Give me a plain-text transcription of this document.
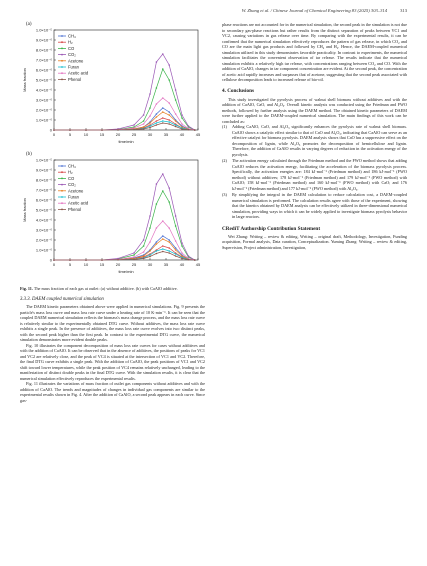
W. Zhang et al. / Chinese Journal of Chemical Engineering 83 (2025) 303–314	313
(a)
0
1.0×10⁻⁶
2.0×10⁻⁶
3.0×10⁻⁶
4.0×10⁻⁶
5.0×10⁻⁶
6.0×10⁻⁶
7.0×10⁻⁶
8.0×10⁻⁶
9.0×10⁻⁶
1.0×10⁻⁵
0	5	10	15	20	25	30	35	40	45
time/min
Mass fraction
CH₄
H₂
CO
CO₂
Acetone
Furan
Acetic acid
Phenol
(b)
0
1.0×10⁻⁶
2.0×10⁻⁶
3.0×10⁻⁶
4.0×10⁻⁶
5.0×10⁻⁶
6.0×10⁻⁶
7.0×10⁻⁶
8.0×10⁻⁶
9.0×10⁻⁶
1.0×10⁻⁵
0	5	10	15	20	25	30	35	40	45
time/min
Mass fraction
CH₄
H₂
CO
CO₂
Acetone
Furan
Acetic acid
Phenol

Fig. 11. The mass fraction of each gas at outlet: (a) without additive. (b) with CaAlO additive.

3.3.3. DAEM coupled numerical simulation

The DAEM kinetic parameters obtained above were applied in numerical simulations. Fig. 9 presents the particle's mass loss curve and mass loss rate curve under a heating rate of 10 K·min⁻¹. It can be seen that the coupled DAEM numerical simulation reflects the biomass's mass change process, and the mass loss rate curve is relatively similar to the experimentally obtained DTG curve. Without additives, the mass loss rate curve exhibits a single peak. In the presence of additives, the mass loss rate curve evolves into two distinct peaks, with the second peak higher than the first peak. In contrast to the experimental DTG curve, the numerical simulation demonstrates more evident double peaks.

Fig. 10 illustrates the component decomposition of mass loss rate curves for cases without additives and with the addition of CaAlO. It can be observed that in the absence of additives, the positions of peaks for VC1 and VC2 are relatively close, and the peak of VC4 is situated at the intersection of VC1 and VC2. Therefore, the final DTG curve exhibits a single peak. With the addition of CaAlO, the peak positions of VC1 and VC2 shift toward lower temperatures, while the peak position of VC4 remains relatively unchanged, leading to the manifestation of distinct double peaks in the final DTG curve. With the simulation results, it is clear that the numerical simulation effectively reproduces the experimental results.

Fig. 11 illustrates the variations of mass fraction of outlet gas components without additives and with the addition of CaAlO. The trends and magnitudes of changes in individual gas components are similar to the experimental results shown in Fig. 4. After the addition of CaAlO, a second peak appears in each curve. Since gas-

phase reactions are not accounted for in the numerical simulation, the second peak in the simulation is not due to secondary gas-phase reactions but rather results from the distinct separation of peaks between VC1 and VC2, causing variations in gas release over time. By comparing with the experimental results, it can be confirmed that the numerical simulation effectively reproduces the pattern of gas release, in which CO₂ and CO are the main light gas products and followed by CH₄ and H₂. Hence, the DAEM-coupled numerical simulation utilized in this study demonstrates favorable practicality. In contrast to experiments, the numerical simulation facilitates the convenient observation of tar release. The results indicate that the numerical simulation exhibits a relatively high tar release, with concentrations ranging between CO₂ and CO. With the addition of CaAlO, changes in tar component concentration are evident. At the second peak, the concentration of acetic acid rapidly increases and surpasses that of acetone, suggesting that the second peak associated with cellulose decomposition leads to increased release of bio-oil.

4. Conclusions

This study investigated the pyrolysis process of walnut shell biomass without additives and with the addition of CaAlO, CaO, and Al₂O₃. Overall kinetic analysis was conducted using the Friedman and FWO methods, followed by further analysis using the DAEM method. The obtained kinetic parameters of DAEM were further applied to the DAEM-coupled numerical simulation. The main findings of this work can be concluded as:

(1) Adding CaAlO, CaO, and Al₂O₃ significantly enhances the pyrolysis rate of walnut shell biomass. CaAlO shows a catalytic effect similar to that of CaO and Al₂O₃, indicating that CaAlO can serve as an effective catalyst for biomass pyrolysis. DAEM analysis shows that CaO has a suppressive effect on the decomposition of lignin, while Al₂O₃ promotes the decomposition of hemicellulose and lignin. Therefore, the addition of CaAlO results in varying degrees of reduction in the activation energy of the pyrolysis.
(2) The activation energy calculated through the Friedman method and the FWO method shows that adding CaAlO reduces the activation energy, facilitating the acceleration of the biomass pyrolysis process. Specifically, the activation energies are: 184 kJ·mol⁻¹ (Friedman method) and 186 kJ·mol⁻¹ (FWO method) without additives; 178 kJ·mol⁻¹ (Friedman method) and 179 kJ·mol⁻¹ (FWO method) with CaAlO; 158 kJ·mol⁻¹ (Friedman method) and 160 kJ·mol⁻¹ (FWO method) with CaO; and 176 kJ·mol⁻¹ (Friedman method) and 177 kJ·mol⁻¹ (FWO method) with Al₂O₃.
(3) By simplifying the integral in the DAEM calculation to reduce calculation cost, a DAEM-coupled numerical simulation is performed. The calculation results agree with those of the experiment, showing that the kinetics obtained by DAEM analysis can be effectively utilized in three-dimensional numerical simulation, providing ways in which it can be widely applied to investigate biomass pyrolysis behavior in large reactors.
CRediT Authorship Contribution Statement

Wei Zhang: Writing – review & editing, Writing – original draft, Methodology, Investigation, Funding acquisition, Formal analysis, Data curation, Conceptualization. Yuming Zhang: Writing – review & editing, Supervision, Project administration, Investigation,
